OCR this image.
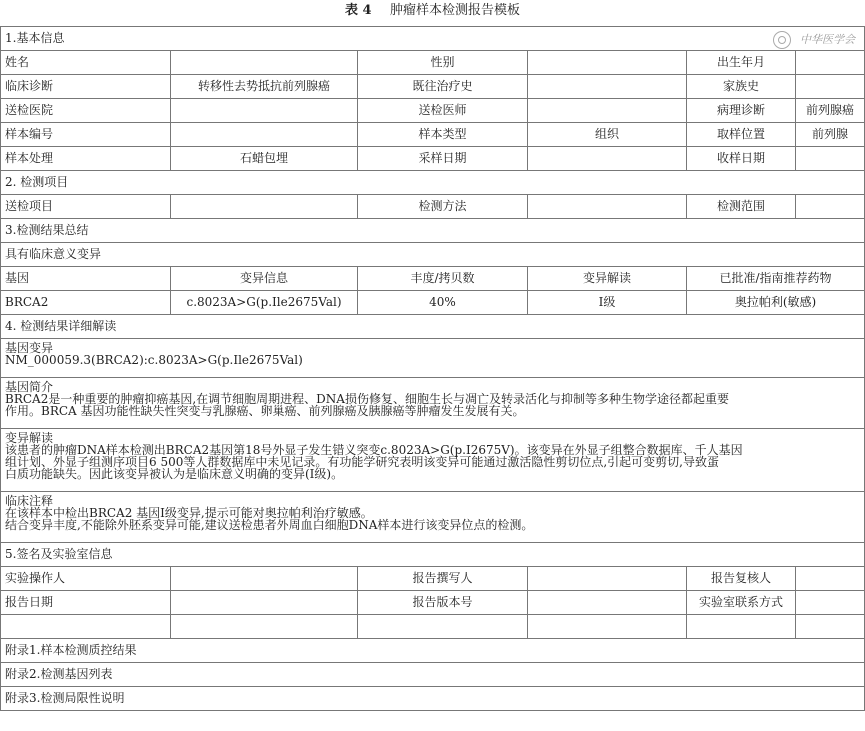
表 4 肿瘤样本检测报告模板
中华医学会
1.基本信息					
姓名		性别		出生年月	
临床诊断	转移性去势抵抗前列腺癌	既往治疗史		家族史	
送检医院		送检医师		病理诊断	前列腺癌
样本编号		样本类型	组织	取样位置	前列腺
样本处理	石蜡包埋	采样日期		收样日期	
2. 检测项目					
送检项目		检测方法		检测范围	
3.检测结果总结					
具有临床意义变异					
基因	变异信息	丰度/拷贝数	变异解读	已批准/指南推荐药物	
BRCA2	c.8023A>G(p.Ile2675Val)	40%	Ⅰ级	奥拉帕利(敏感)	
4. 检测结果详细解读					

基因变异
NM_000059.3(BRCA2):c.8023A>G(p.Ile2675Val)					

基因简介
BRCA2是一种重要的肿瘤抑癌基因,在调节细胞周期进程、DNA损伤修复、细胞生长与凋亡及转录活化与抑制等多种生物学途径都起重要
作用。BRCA 基因功能性缺失性突变与乳腺癌、卵巢癌、前列腺癌及胰腺癌等肿瘤发生发展有关。					

变异解读
该患者的肿瘤DNA样本检测出BRCA2基因第18号外显子发生错义突变c.8023A>G(p.I2675V)。该变异在外显子组整合数据库、千人基因
组计划、外显子组测序项目6 500等人群数据库中未见记录。有功能学研究表明该变异可能通过激活隐性剪切位点,引起可变剪切,导致蛋
白质功能缺失。因此该变异被认为是临床意义明确的变异(Ⅰ级)。					

临床注释
在该样本中检出BRCA2 基因Ⅰ级变异,提示可能对奥拉帕利治疗敏感。
结合变异丰度,不能除外胚系变异可能,建议送检患者外周血白细胞DNA样本进行该变异位点的检测。					

5.签名及实验室信息					
实验操作人		报告撰写人		报告复核人	
报告日期		报告版本号		实验室联系方式	

附录1.样本检测质控结果					
附录2.检测基因列表					
附录3.检测局限性说明					
